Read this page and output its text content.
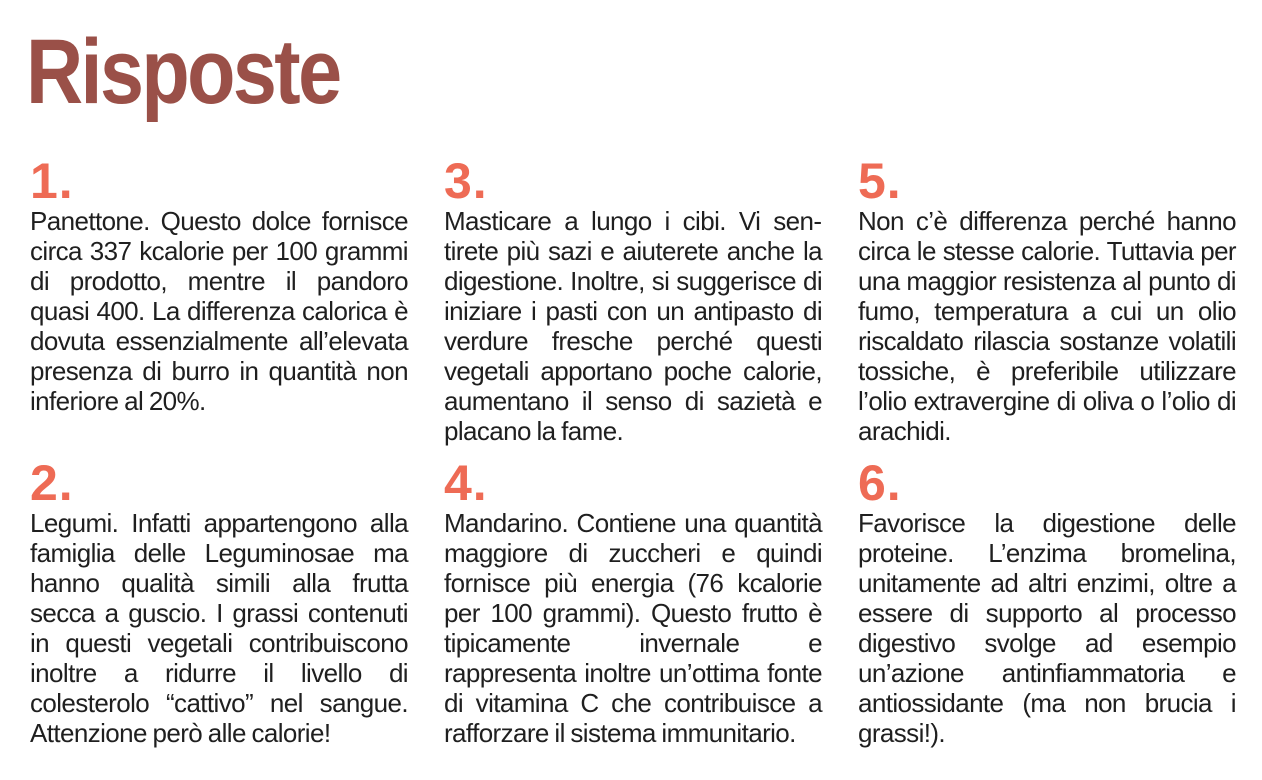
Risposte
1.

Panettone. Questo dolce fornisce circa 337 kcalorie per 100 grammi di prodotto, mentre il pandoro quasi 400. La differenza calorica è dovuta essenzialmente all’elevata presenza di burro in quantità non inferiore al 20%.

2.

Legumi. Infatti appartengono alla famiglia delle Leguminosae ma hanno qualità simili alla frutta secca a guscio. I grassi contenuti in questi vegetali contribuiscono inoltre a ridurre il livello di colesterolo “cattivo” nel sangue. Attenzione però alle calorie!

3.

Masticare a lungo i cibi. Vi sentirete più sazi e aiuterete anche la digestione. Inoltre, si suggerisce di iniziare i pasti con un antipasto di verdure fresche perché questi vegetali apportano poche calorie, aumentano il senso di sazietà e placano la fame.

4.

Mandarino. Contiene una quantità maggiore di zuccheri e quindi fornisce più energia (76 kcalorie per 100 grammi). Questo frutto è tipicamente invernale e rappresenta inoltre un’ottima fonte di vitamina C che contribuisce a rafforzare il sistema immunitario.

5.

Non c’è differenza perché hanno circa le stesse calorie. Tuttavia per una maggior resistenza al punto di fumo, temperatura a cui un olio riscaldato rilascia sostanze volatili tossiche, è preferibile utilizzare l’olio extravergine di oliva o l’olio di arachidi.

6.

Favorisce la digestione delle proteine. L’enzima bromelina, unitamente ad altri enzimi, oltre a essere di supporto al processo digestivo svolge ad esempio un’azione antinfiammatoria e antiossidante (ma non brucia i grassi!).
